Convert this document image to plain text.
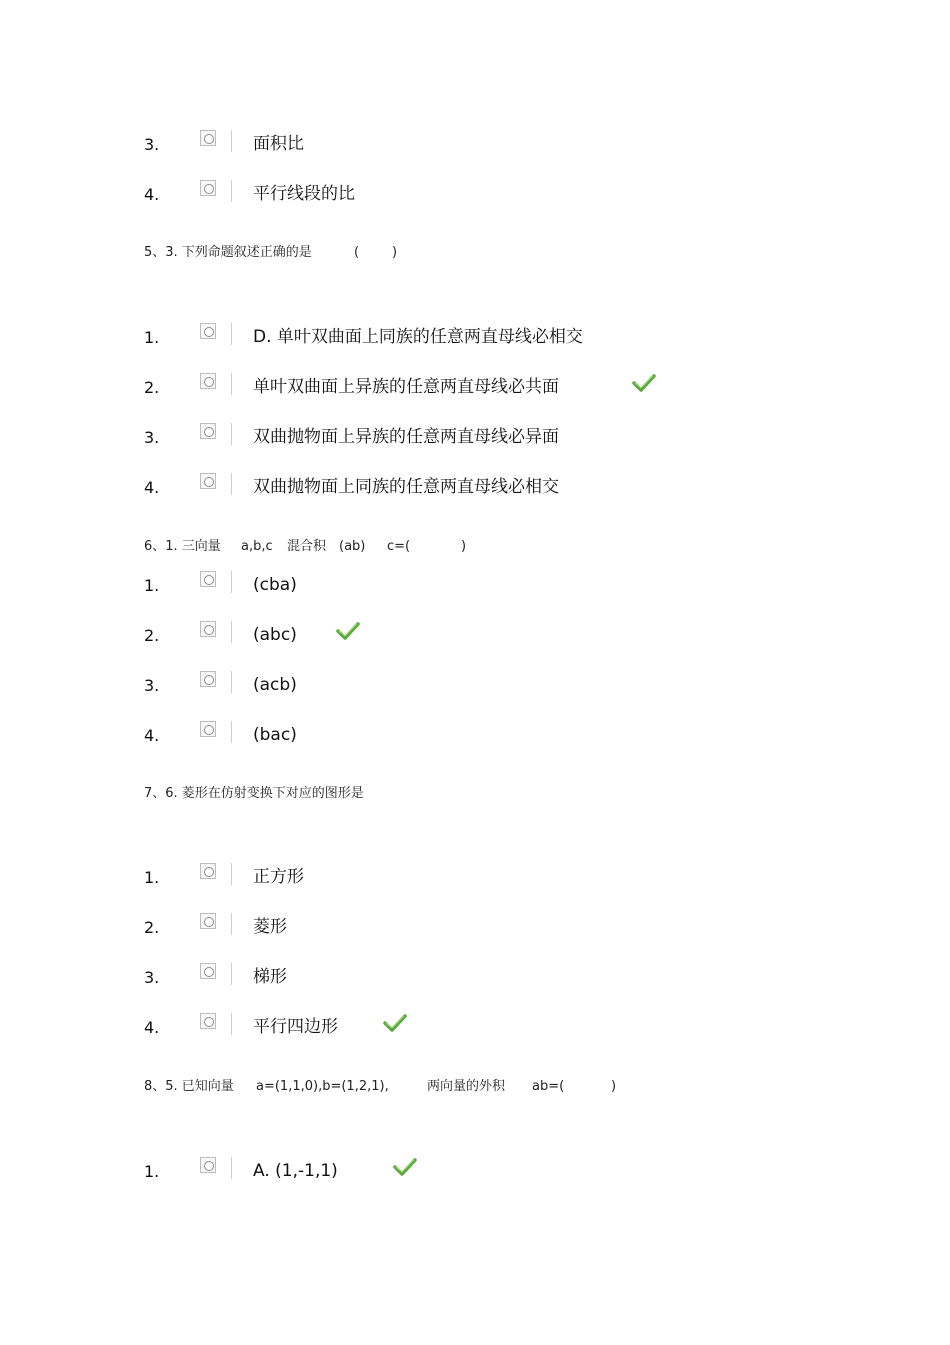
3.	面积比
4.	平行线段的比
5、3. 下列命题叙述正确的是	(	)
1.	D. 单叶双曲面上同族的任意两直母线必相交
2.	单叶双曲面上异族的任意两直母线必共面
3.	双曲抛物面上异族的任意两直母线必异面
4.	双曲抛物面上同族的任意两直母线必相交
6、1. 三向量 a,b,c 混合积 (ab) c=(	)
1.	(cba)
2.	(abc)
3.	(acb)
4.	(bac)
7、6. 菱形在仿射变换下对应的图形是
1.	正方形
2.	菱形
3.	梯形
4.	平行四边形
8、5. 已知向量 a=(1,1,0),b=(1,2,1),	两向量的外积 ab=(	)
1.	A. (1,-1,1)
